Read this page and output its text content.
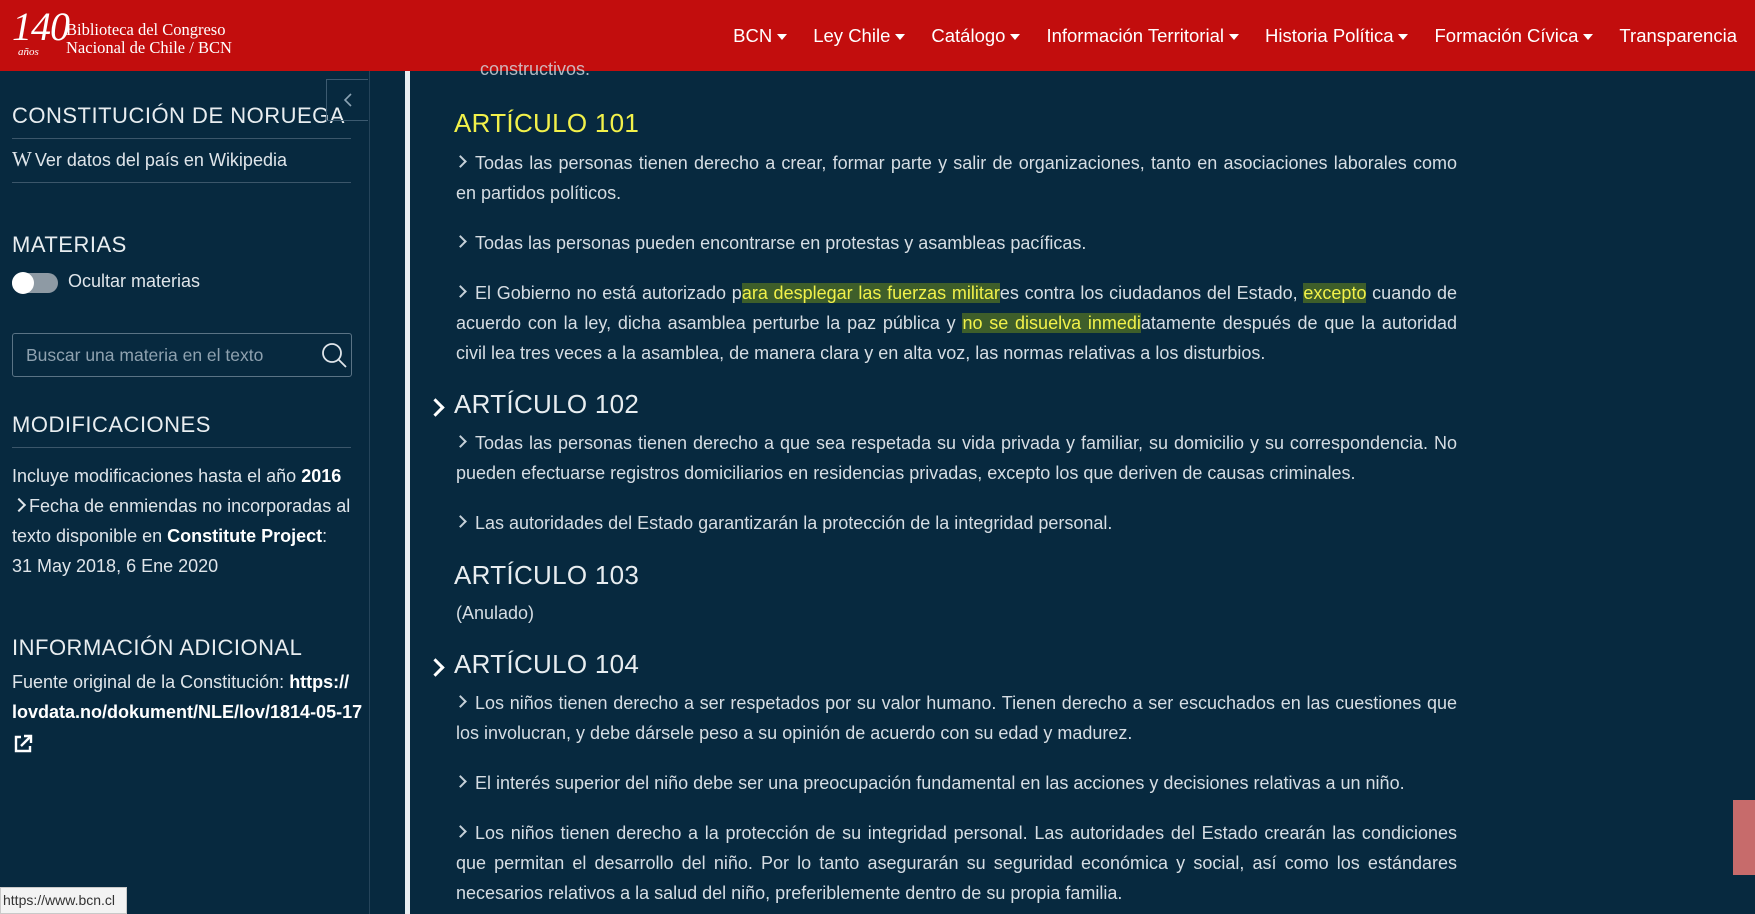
140
años
Biblioteca del Congreso
Nacional de Chile / BCN
BCN Ley Chile Catálogo Información Territorial Historia Política Formación Cívica Transparencia
CONSTITUCIÓN DE NORUEGA
W Ver datos del país en Wikipedia
MATERIAS
Ocultar materias
Buscar una materia en el texto
MODIFICACIONES
Incluye modificaciones hasta el año 2016
Fecha de enmiendas no incorporadas al
texto disponible en Constitute Project:
31 May 2018, 6 Ene 2020
INFORMACIÓN ADICIONAL
Fuente original de la Constitución: https://
lovdata.no/dokument/NLE/lov/1814-05-17
constructivos.
ARTÍCULO 101
Todas las personas tienen derecho a crear, formar parte y salir de organizaciones, tanto en asociaciones laborales como en partidos políticos.
Todas las personas pueden encontrarse en protestas y asambleas pacíficas.
El Gobierno no está autorizado para desplegar las fuerzas militares contra los ciudadanos del Estado, excepto cuando de acuerdo con la ley, dicha asamblea perturbe la paz pública y no se disuelva inmediatamente después de que la autoridad civil lea tres veces a la asamblea, de manera clara y en alta voz, las normas relativas a los disturbios.
ARTÍCULO 102
Todas las personas tienen derecho a que sea respetada su vida privada y familiar, su domicilio y su correspondencia. No pueden efectuarse registros domiciliarios en residencias privadas, excepto los que deriven de causas criminales.
Las autoridades del Estado garantizarán la protección de la integridad personal.
ARTÍCULO 103
(Anulado)
ARTÍCULO 104
Los niños tienen derecho a ser respetados por su valor humano. Tienen derecho a ser escuchados en las cuestiones que los involucran, y debe dársele peso a su opinión de acuerdo con su edad y madurez.
El interés superior del niño debe ser una preocupación fundamental en las acciones y decisiones relativas a un niño.
Los niños tienen derecho a la protección de su integridad personal. Las autoridades del Estado crearán las condiciones que permitan el desarrollo del niño. Por lo tanto asegurarán su seguridad económica y social, así como los estándares necesarios relativos a la salud del niño, preferiblemente dentro de su propia familia.
https://www.bcn.cl
